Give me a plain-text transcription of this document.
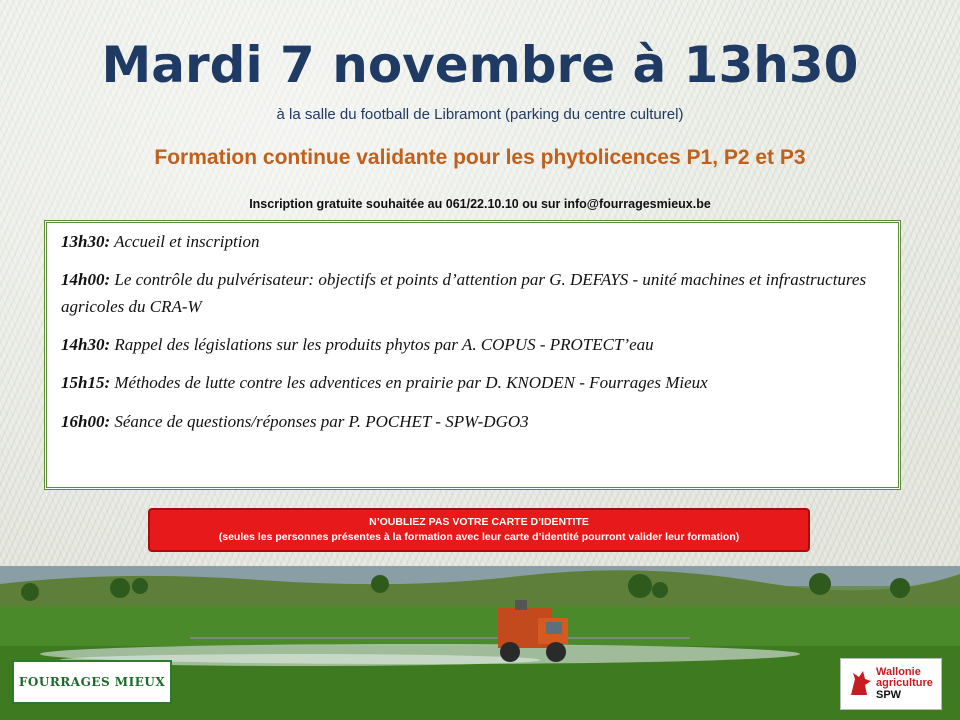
Mardi 7 novembre à 13h30
à la salle du football de Libramont (parking du centre culturel)
Formation continue validante pour les phytolicences P1, P2 et P3
Inscription gratuite souhaitée au 061/22.10.10 ou sur info@fourragesmieux.be
13h30: Accueil et inscription
14h00: Le contrôle du pulvérisateur: objectifs et points d’attention par G. DEFAYS - unité machines et infrastructures agricoles du CRA-W
14h30: Rappel des législations sur les produits phytos par A. COPUS - PROTECT’eau
15h15: Méthodes de lutte contre les adventices en prairie par D. KNODEN - Fourrages Mieux
16h00: Séance de questions/réponses par P. POCHET - SPW-DGO3
N’OUBLIEZ PAS VOTRE CARTE D’IDENTITE
(seules les personnes présentes à la formation avec leur carte d’identité pourront valider leur formation)
FOURRAGES MIEUX
Wallonie
agriculture
SPW
